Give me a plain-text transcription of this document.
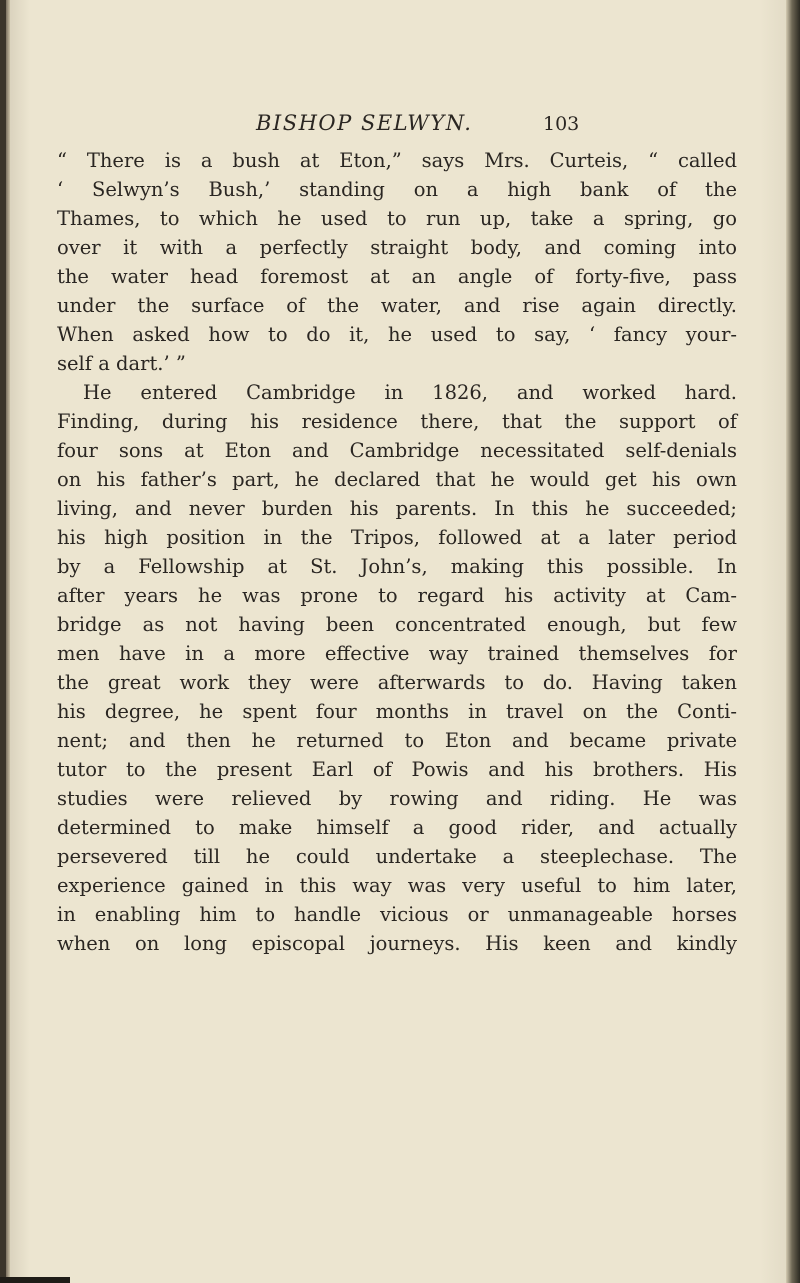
BISHOP SELWYN.	103
“ There is a bush at Eton,” says Mrs. Curteis, “ called
‘ Selwyn’s Bush,’ standing on a high bank of the
Thames, to which he used to run up, take a spring, go
over it with a perfectly straight body, and coming into
the water head foremost at an angle of forty-five, pass
under the surface of the water, and rise again directly.
When asked how to do it, he used to say, ‘ fancy your-
self a dart.’ ”
He entered Cambridge in 1826, and worked hard.
Finding, during his residence there, that the support of
four sons at Eton and Cambridge necessitated self-denials
on his father’s part, he declared that he would get his own
living, and never burden his parents. In this he succeeded;
his high position in the Tripos, followed at a later period
by a Fellowship at St. John’s, making this possible. In
after years he was prone to regard his activity at Cam-
bridge as not having been concentrated enough, but few
men have in a more effective way trained themselves for
the great work they were afterwards to do. Having taken
his degree, he spent four months in travel on the Conti-
nent; and then he returned to Eton and became private
tutor to the present Earl of Powis and his brothers. His
studies were relieved by rowing and riding. He was
determined to make himself a good rider, and actually
persevered till he could undertake a steeplechase. The
experience gained in this way was very useful to him later,
in enabling him to handle vicious or unmanageable horses
when on long episcopal journeys. His keen and kindly
